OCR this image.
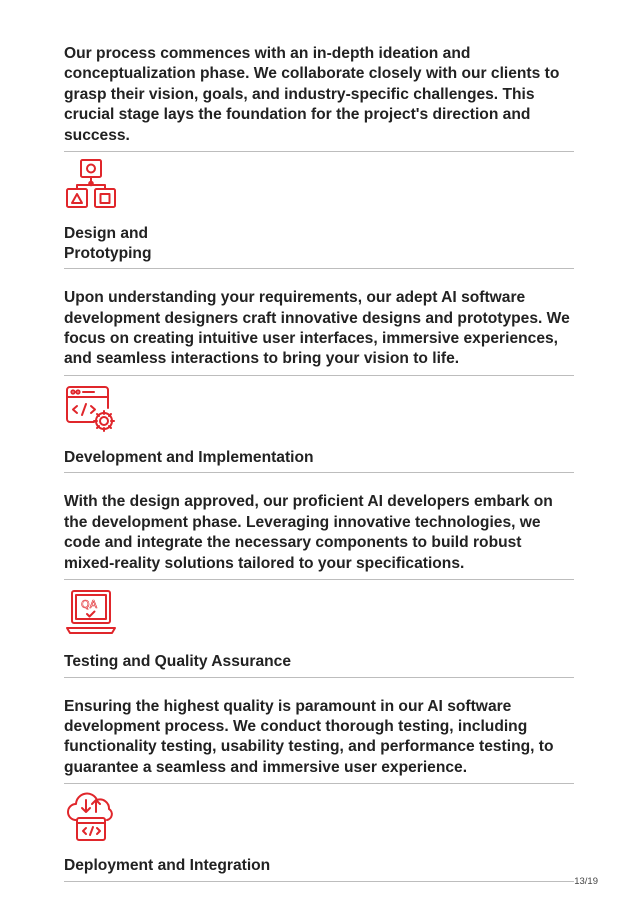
Our process commences with an in-depth ideation and conceptualization phase. We collaborate closely with our clients to grasp their vision, goals, and industry-specific challenges. This crucial stage lays the foundation for the project's direction and success.

Design and Prototyping

Upon understanding your requirements, our adept AI software development designers craft innovative designs and prototypes. We focus on creating intuitive user interfaces, immersive experiences, and seamless interactions to bring your vision to life.

Development and Implementation

With the design approved, our proficient AI developers embark on the development phase. Leveraging innovative technologies, we code and integrate the necessary components to build robust mixed-reality solutions tailored to your specifications.

QA
Testing and Quality Assurance

Ensuring the highest quality is paramount in our AI software development process. We conduct thorough testing, including functionality testing, usability testing, and performance testing, to guarantee a seamless and immersive user experience.

Deployment and Integration
13/19
